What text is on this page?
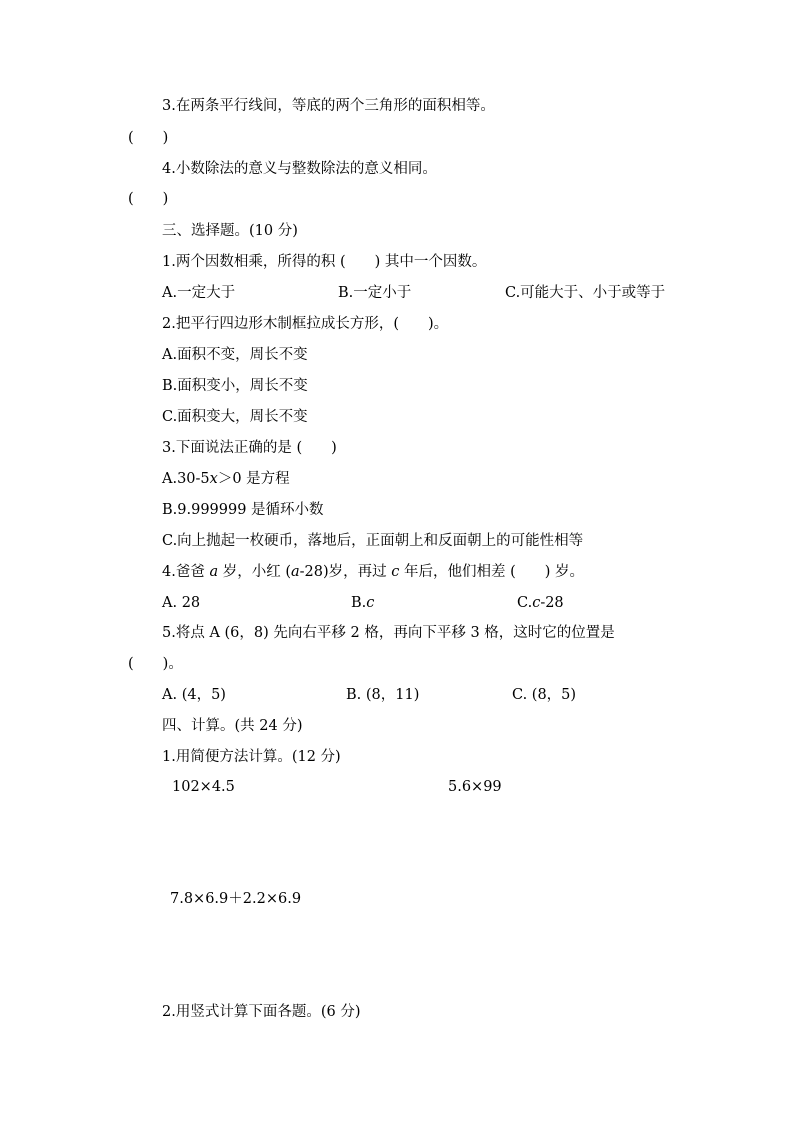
3.在两条平行线间，等底的两个三角形的面积相等。
(　　)
4.小数除法的意义与整数除法的意义相同。
(　　)
三、选择题。(10 分)
1.两个因数相乘，所得的积 (　　) 其中一个因数。
A.一定大于	B.一定小于	C.可能大于、小于或等于
2.把平行四边形木制框拉成长方形，(　　)。
A.面积不变，周长不变
B.面积变小，周长不变
C.面积变大，周长不变
3.下面说法正确的是 (　　)
A.30-5x＞0 是方程
B.9.999999 是循环小数
C.向上抛起一枚硬币，落地后，正面朝上和反面朝上的可能性相等
4.爸爸 a 岁，小红 (a-28)岁，再过 c 年后，他们相差 (　　) 岁。
A. 28	B.c	C.c-28
5.将点 A (6，8) 先向右平移 2 格，再向下平移 3 格，这时它的位置是
(　　)。
A. (4，5)	B. (8，11)	C. (8，5)
四、计算。(共 24 分)
1.用简便方法计算。(12 分)
102×4.5	5.6×99
7.8×6.9＋2.2×6.9
2.用竖式计算下面各题。(6 分)
